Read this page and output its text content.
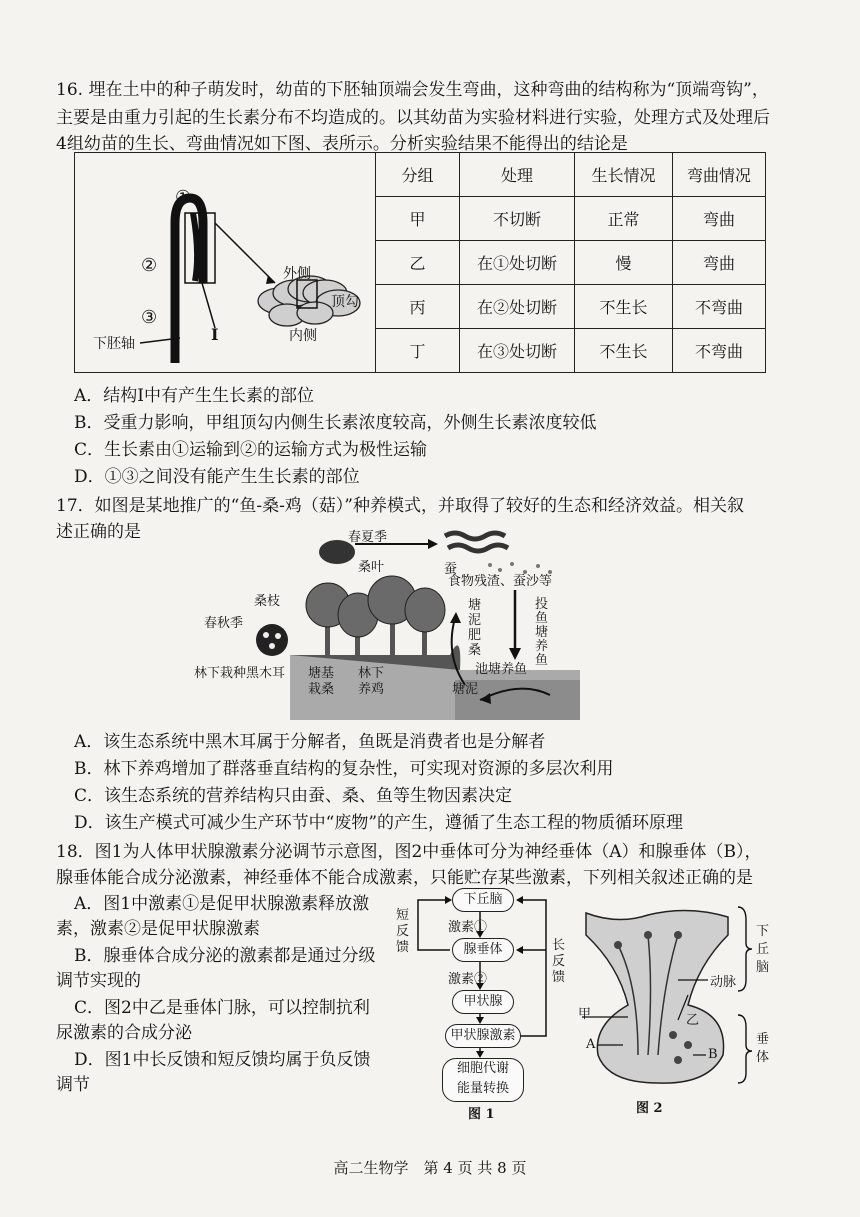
16. 埋在土中的种子萌发时，幼苗的下胚轴顶端会发生弯曲，这种弯曲的结构称为“顶端弯钩”，
主要是由重力引起的生长素分布不均造成的。以其幼苗为实验材料进行实验，处理方式及处理后
4组幼苗的生长、弯曲情况如下图、表所示。分析实验结果不能得出的结论是
①
②
③
下胚轴	I
外侧
顶勾
内侧
分组	处理	生长情况	弯曲情况
甲	不切断	正常	弯曲
乙	在①处切断	慢	弯曲
丙	在②处切断	不生长	不弯曲
丁	在③处切断	不生长	不弯曲
A．结构Ⅰ中有产生生长素的部位
B．受重力影响，甲组顶勾内侧生长素浓度较高，外侧生长素浓度较低
C．生长素由①运输到②的运输方式为极性运输
D．①③之间没有能产生生长素的部位
17．如图是某地推广的“鱼-桑-鸡（菇）”种养模式，并取得了较好的生态和经济效益。相关叙
述正确的是	春夏季
桑叶	蚕
食物残渣、蚕沙等
桑枝
春秋季
林下栽种黑木耳 塘基
栽桑
林下
养鸡
塘泥肥桑
投鱼塘养鱼
池塘养鱼
塘泥
A．该生态系统中黑木耳属于分解者，鱼既是消费者也是分解者
B．林下养鸡增加了群落垂直结构的复杂性，可实现对资源的多层次利用
C．该生态系统的营养结构只由蚕、桑、鱼等生物因素决定
D．该生产模式可减少生产环节中“废物”的产生，遵循了生态工程的物质循环原理
18．图1为人体甲状腺激素分泌调节示意图，图2中垂体可分为神经垂体（A）和腺垂体（B），
腺垂体能合成分泌激素，神经垂体不能合成激素，只能贮存某些激素，下列相关叙述正确的是
A．图1中激素①是促甲状腺激素释放激
素，激素②是促甲状腺激素
B．腺垂体合成分泌的激素都是通过分级
调节实现的
C．图2中乙是垂体门脉，可以控制抗利
尿激素的合成分泌
D．图1中长反馈和短反馈均属于负反馈
调节
下丘脑
激素①
腺垂体
激素②
甲状腺
甲状腺激素
细胞代谢
能量转换
短反馈	长反馈
图 1
下丘脑
动脉
甲	乙
A
B
垂体
图 2
高二生物学　第 4 页 共 8 页
